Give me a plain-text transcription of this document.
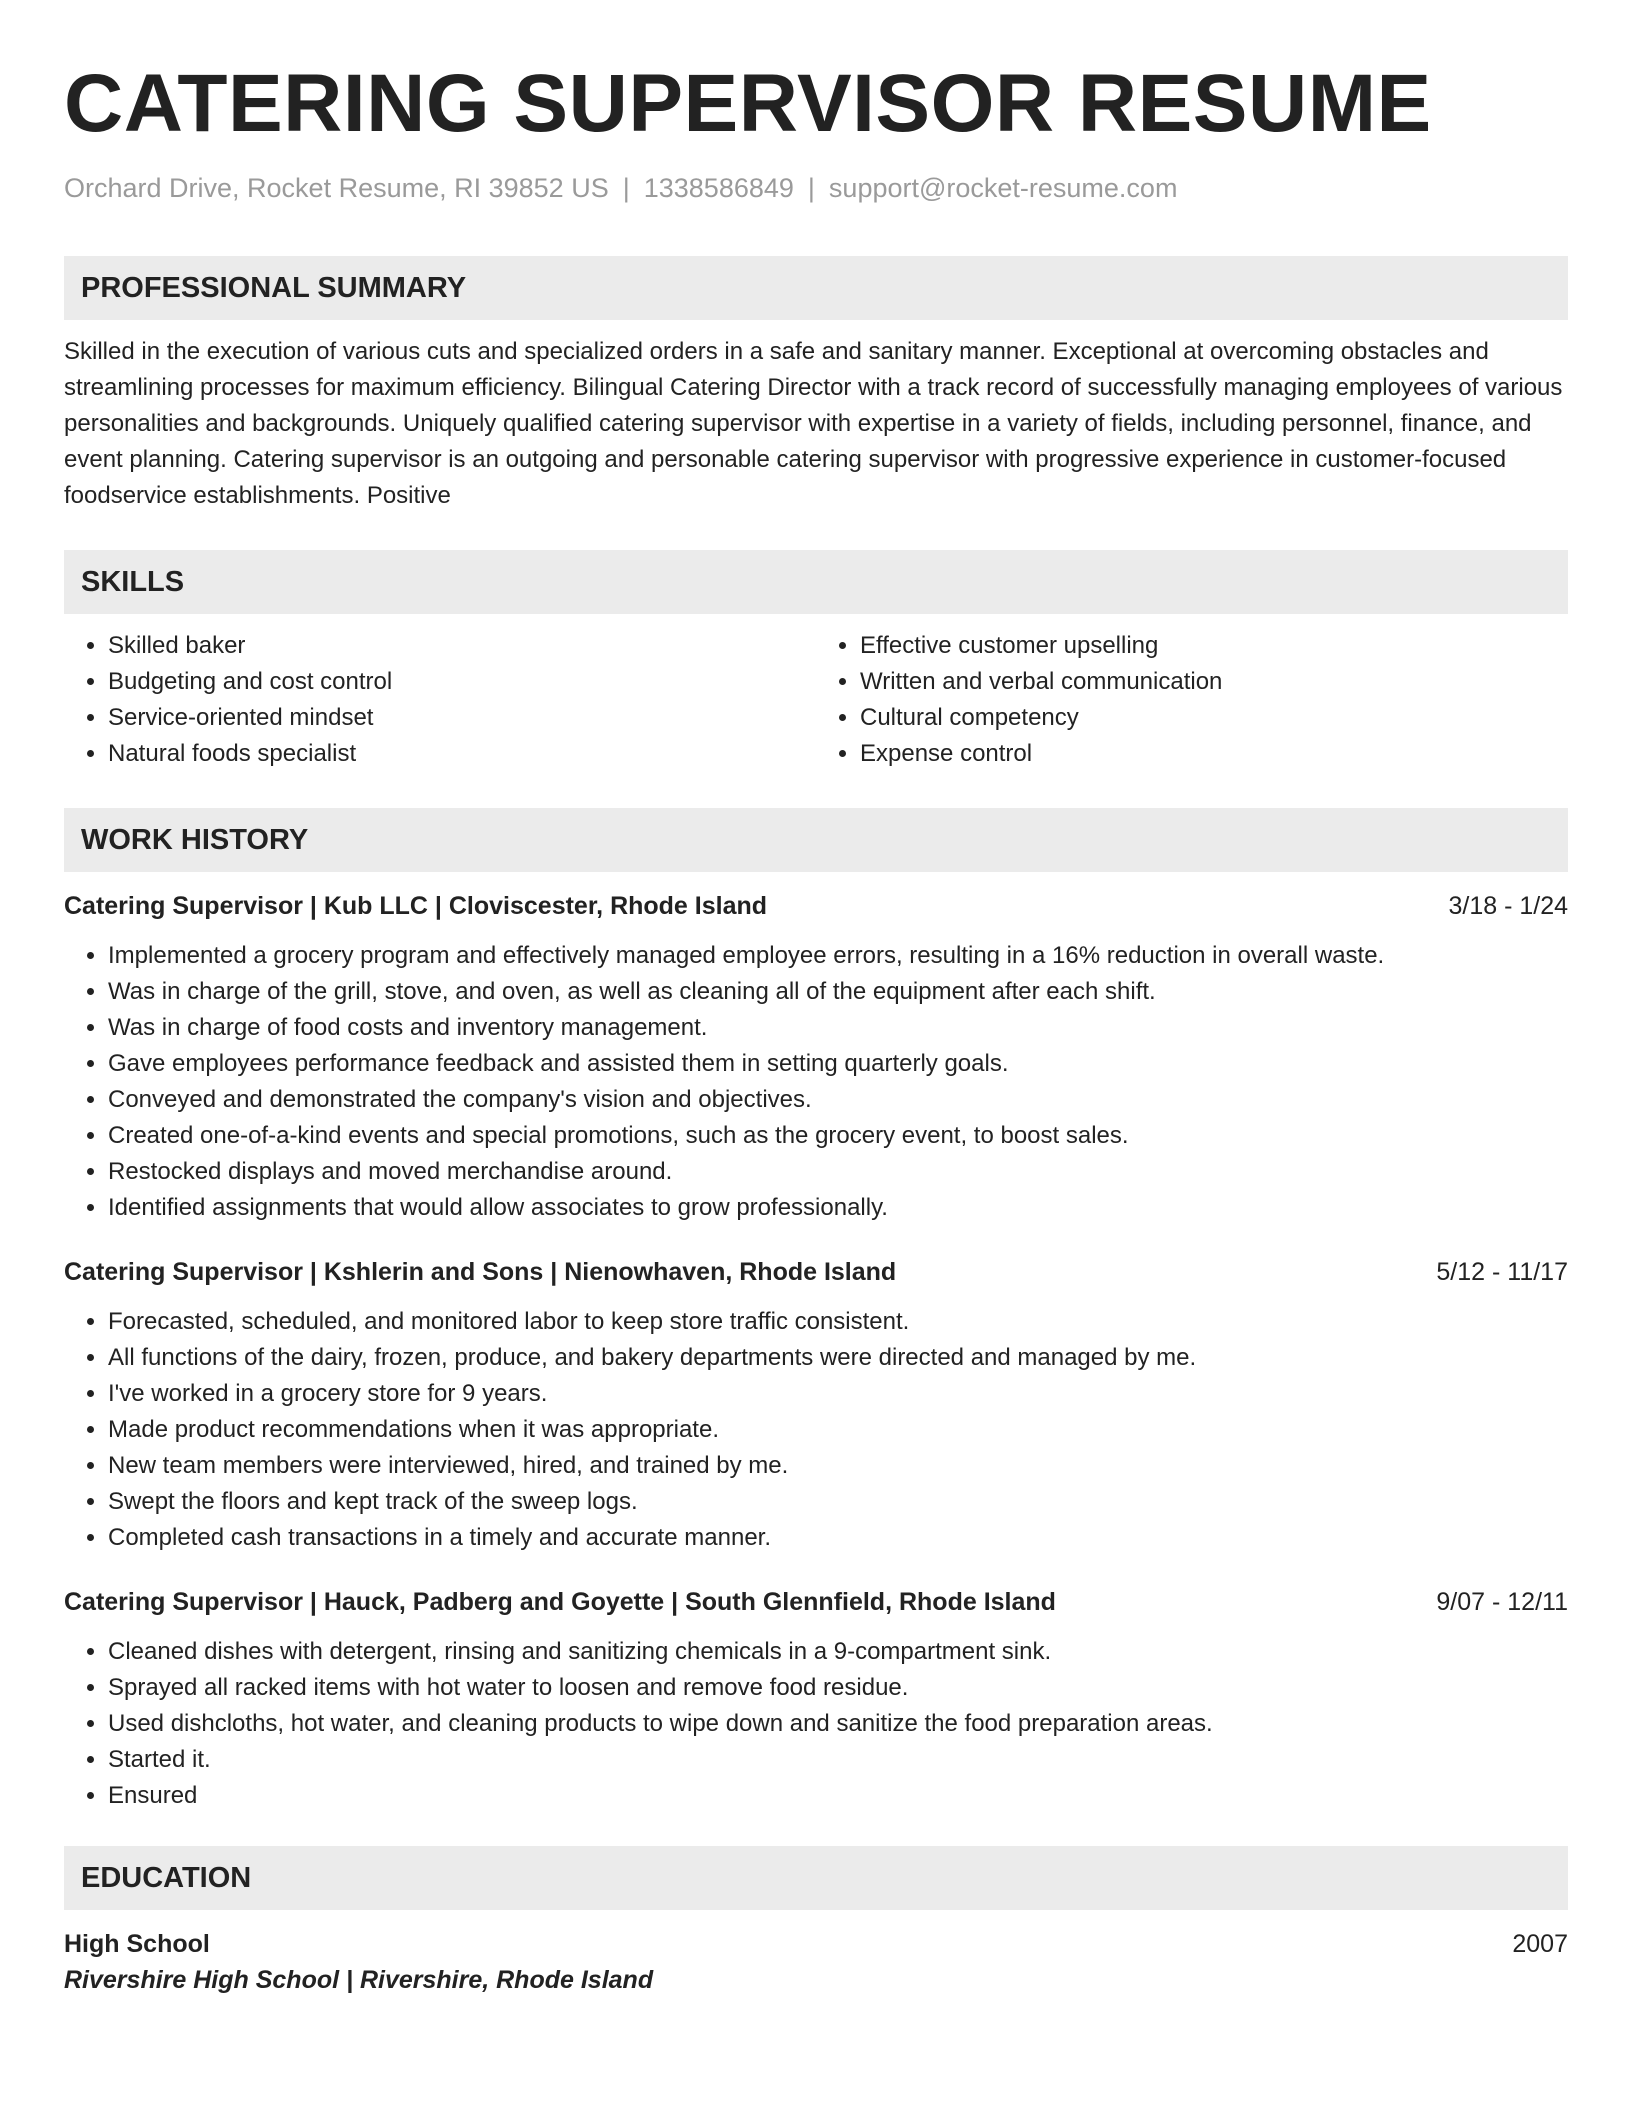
CATERING SUPERVISOR RESUME
Orchard Drive, Rocket Resume, RI 39852 US | 1338586849 | support@rocket-resume.com
PROFESSIONAL SUMMARY
Skilled in the execution of various cuts and specialized orders in a safe and sanitary manner. Exceptional at overcoming obstacles and streamlining processes for maximum efficiency. Bilingual Catering Director with a track record of successfully managing employees of various personalities and backgrounds. Uniquely qualified catering supervisor with expertise in a variety of fields, including personnel, finance, and event planning. Catering supervisor is an outgoing and personable catering supervisor with progressive experience in customer-focused foodservice establishments. Positive
SKILLS
• Skilled baker
• Budgeting and cost control
• Service-oriented mindset
• Natural foods specialist
• Effective customer upselling
• Written and verbal communication
• Cultural competency
• Expense control
WORK HISTORY
Catering Supervisor | Kub LLC | Cloviscester, Rhode Island	3/18 - 1/24
• Implemented a grocery program and effectively managed employee errors, resulting in a 16% reduction in overall waste.
• Was in charge of the grill, stove, and oven, as well as cleaning all of the equipment after each shift.
• Was in charge of food costs and inventory management.
• Gave employees performance feedback and assisted them in setting quarterly goals.
• Conveyed and demonstrated the company's vision and objectives.
• Created one-of-a-kind events and special promotions, such as the grocery event, to boost sales.
• Restocked displays and moved merchandise around.
• Identified assignments that would allow associates to grow professionally.
Catering Supervisor | Kshlerin and Sons | Nienowhaven, Rhode Island	5/12 - 11/17
• Forecasted, scheduled, and monitored labor to keep store traffic consistent.
• All functions of the dairy, frozen, produce, and bakery departments were directed and managed by me.
• I've worked in a grocery store for 9 years.
• Made product recommendations when it was appropriate.
• New team members were interviewed, hired, and trained by me.
• Swept the floors and kept track of the sweep logs.
• Completed cash transactions in a timely and accurate manner.
Catering Supervisor | Hauck, Padberg and Goyette | South Glennfield, Rhode Island	9/07 - 12/11
• Cleaned dishes with detergent, rinsing and sanitizing chemicals in a 9-compartment sink.
• Sprayed all racked items with hot water to loosen and remove food residue.
• Used dishcloths, hot water, and cleaning products to wipe down and sanitize the food preparation areas.
• Started it.
• Ensured
EDUCATION
High School	2007
Rivershire High School | Rivershire, Rhode Island
